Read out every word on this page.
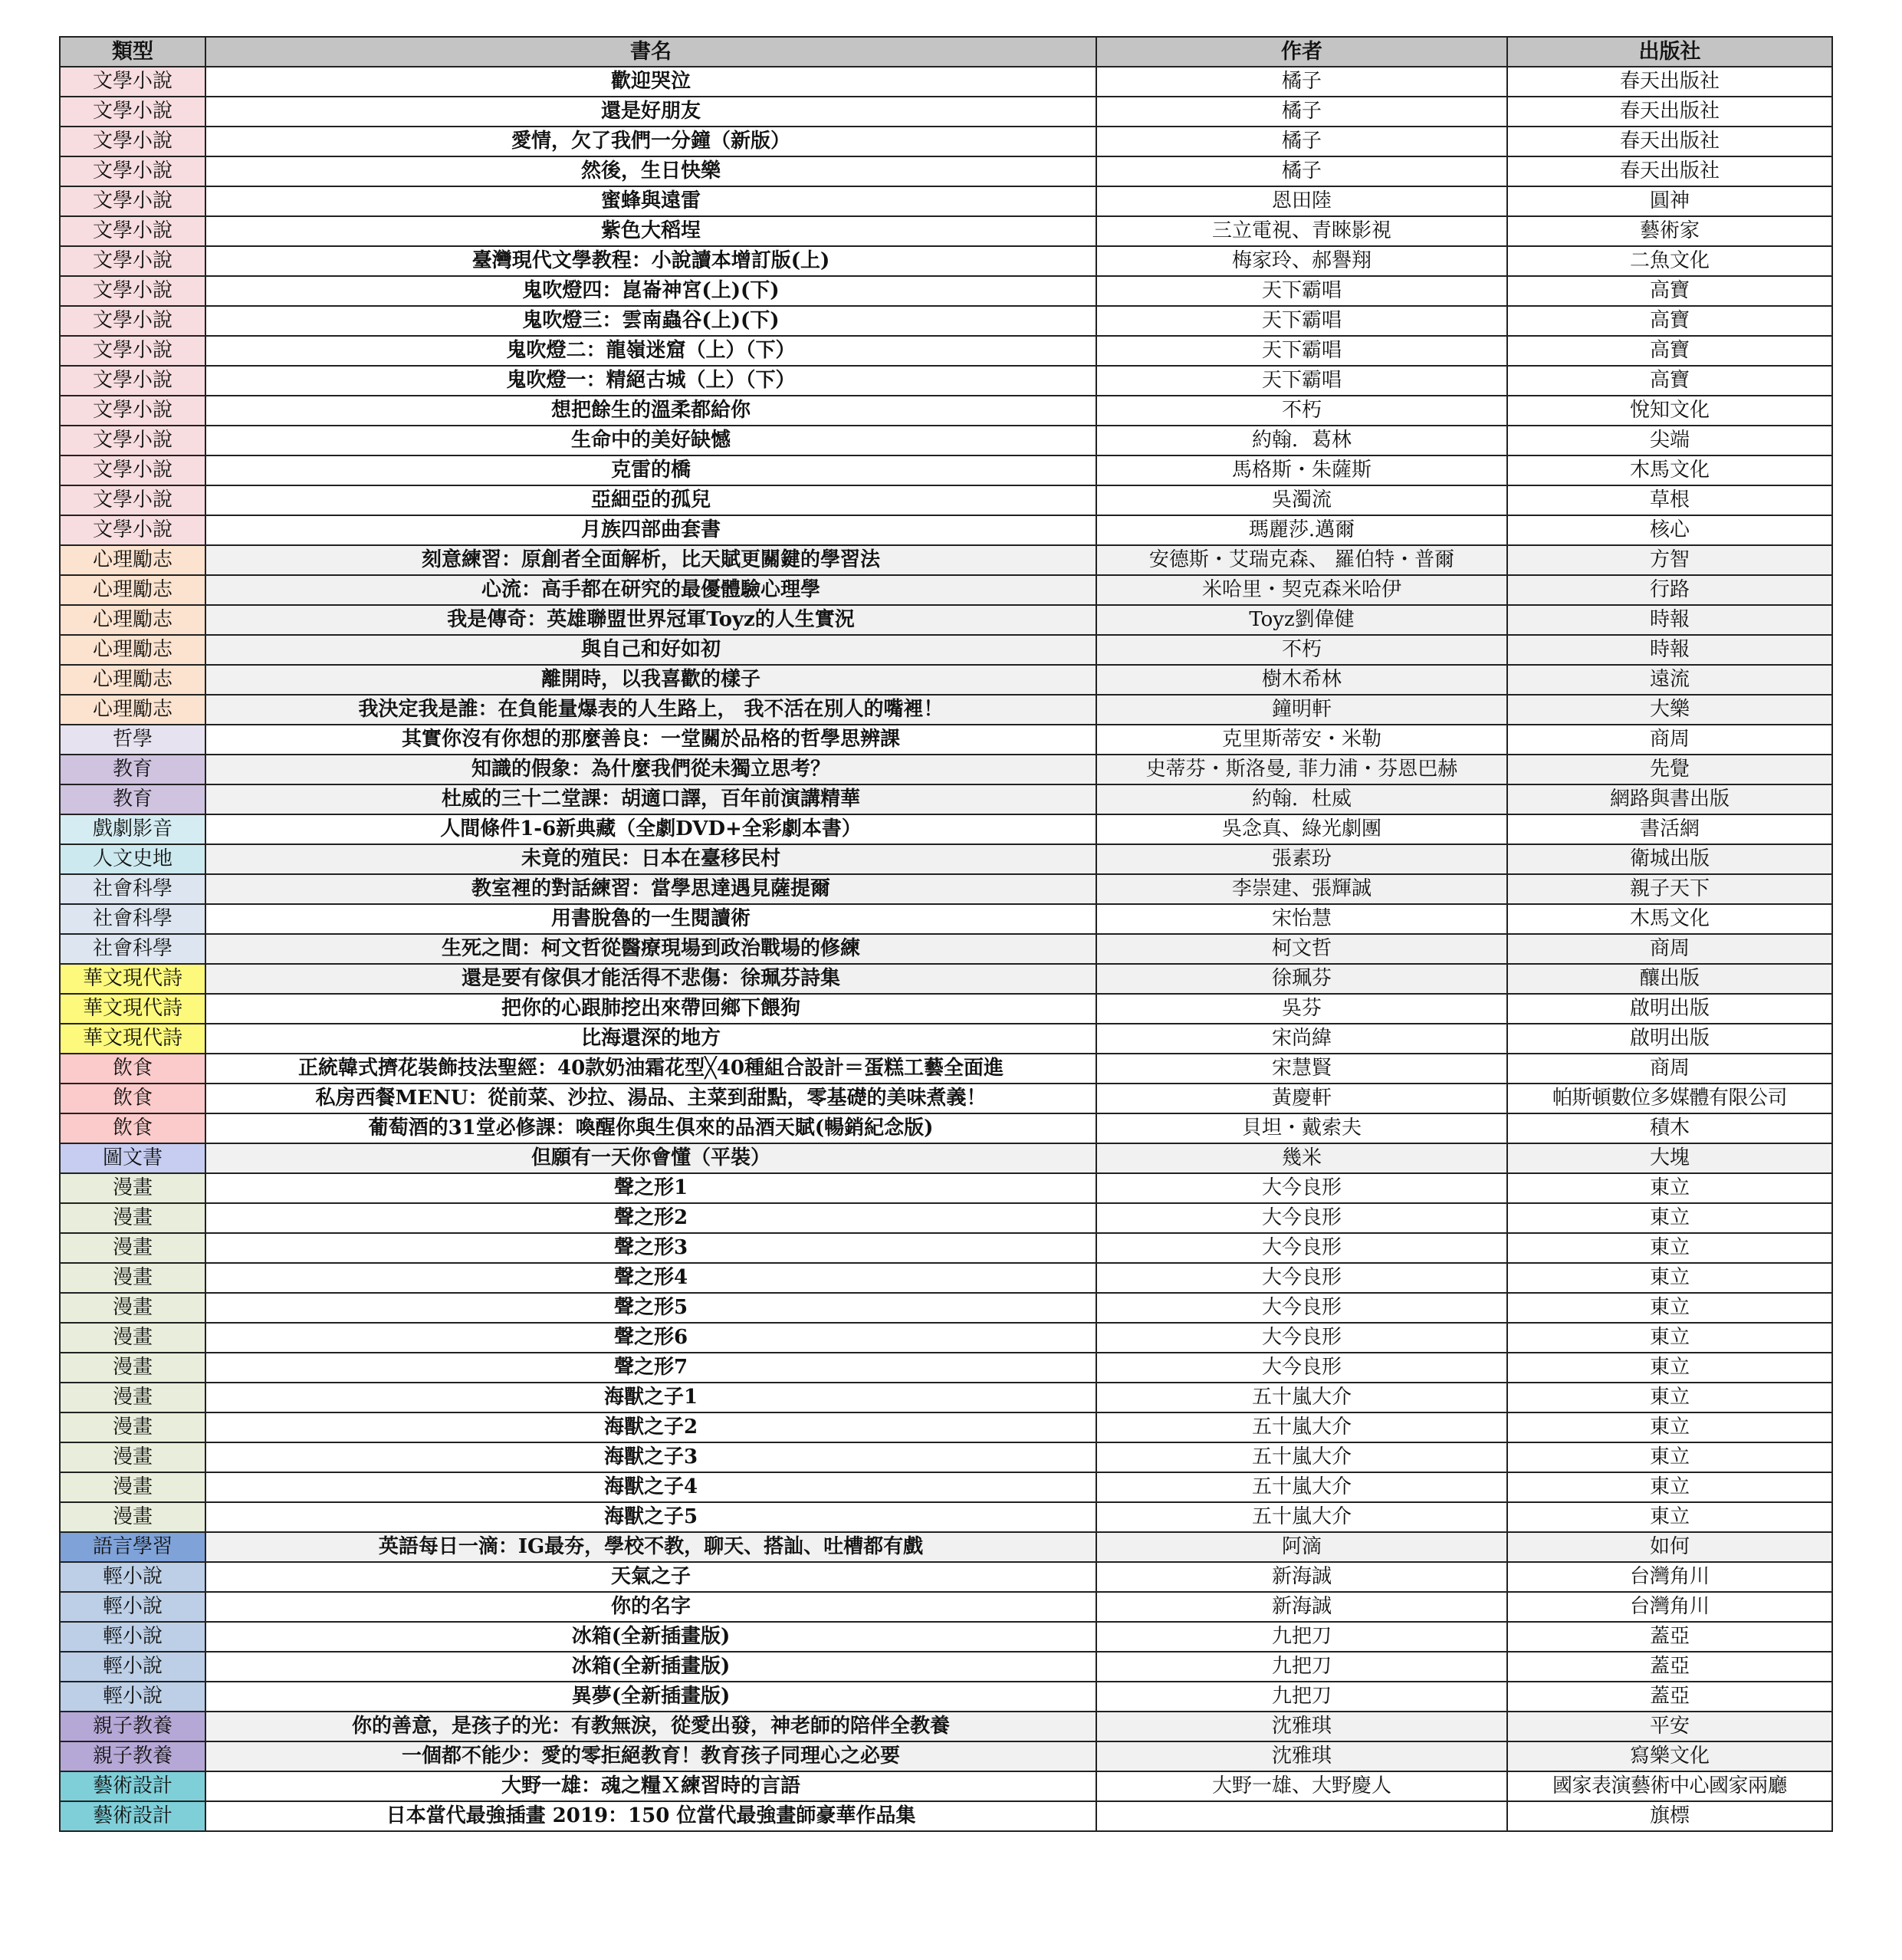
類型	書名	作者	出版社
文學小說	歡迎哭泣	橘子	春天出版社
文學小說	還是好朋友	橘子	春天出版社
文學小說	愛情，欠了我們一分鐘（新版）	橘子	春天出版社
文學小說	然後，生日快樂	橘子	春天出版社
文學小說	蜜蜂與遠雷	恩田陸	圓神
文學小說	紫色大稻埕	三立電視、青睞影視	藝術家
文學小說	臺灣現代文學教程：小說讀本增訂版(上)	梅家玲、郝譽翔	二魚文化
文學小說	鬼吹燈四：崑崙神宮(上)(下)	天下霸唱	高寶
文學小說	鬼吹燈三：雲南蟲谷(上)(下)	天下霸唱	高寶
文學小說	鬼吹燈二：龍嶺迷窟（上）（下）	天下霸唱	高寶
文學小說	鬼吹燈一：精絕古城（上）（下）	天下霸唱	高寶
文學小說	想把餘生的溫柔都給你	不朽	悅知文化
文學小說	生命中的美好缺憾	約翰．葛林	尖端
文學小說	克雷的橋	馬格斯・朱薩斯	木馬文化
文學小說	亞細亞的孤兒	吳濁流	草根
文學小說	月族四部曲套書	瑪麗莎.邁爾	核心
心理勵志	刻意練習：原創者全面解析，比天賦更關鍵的學習法	安德斯・艾瑞克森、 羅伯特・普爾	方智
心理勵志	心流：高手都在研究的最優體驗心理學	米哈里・契克森米哈伊	行路
心理勵志	我是傳奇：英雄聯盟世界冠軍Toyz的人生實況	Toyz劉偉健	時報
心理勵志	與自己和好如初	不朽	時報
心理勵志	離開時，以我喜歡的樣子	樹木希林	遠流
心理勵志	我決定我是誰：在負能量爆表的人生路上， 我不活在別人的嘴裡！	鐘明軒	大樂
哲學	其實你沒有你想的那麼善良：一堂關於品格的哲學思辨課	克里斯蒂安・米勒	商周
教育	知識的假象：為什麼我們從未獨立思考？	史蒂芬・斯洛曼, 菲力浦・芬恩巴赫	先覺
教育	杜威的三十二堂課：胡適口譯，百年前演講精華	約翰．杜威	網路與書出版
戲劇影音	人間條件1-6新典藏（全劇DVD+全彩劇本書）	吳念真、綠光劇團	書活網
人文史地	未竟的殖民：日本在臺移民村	張素玢	衛城出版
社會科學	教室裡的對話練習：當學思達遇見薩提爾	李崇建、張輝誠	親子天下
社會科學	用書脫魯的一生閱讀術	宋怡慧	木馬文化
社會科學	生死之間：柯文哲從醫療現場到政治戰場的修練	柯文哲	商周
華文現代詩	還是要有傢俱才能活得不悲傷：徐珮芬詩集	徐珮芬	釀出版
華文現代詩	把你的心跟肺挖出來帶回鄉下餵狗	吳芬	啟明出版
華文現代詩	比海還深的地方	宋尚緯	啟明出版
飲食	正統韓式擠花裝飾技法聖經：40款奶油霜花型╳40種組合設計＝蛋糕工藝全面進	宋慧賢	商周
飲食	私房西餐MENU：從前菜、沙拉、湯品、主菜到甜點，零基礎的美味煮義！	黃慶軒	帕斯頓數位多媒體有限公司
飲食	葡萄酒的31堂必修課：喚醒你與生俱來的品酒天賦(暢銷紀念版)	貝坦・戴索夫	積木
圖文書	但願有一天你會懂（平裝）	幾米	大塊
漫畫	聲之形1	大今良形	東立
漫畫	聲之形2	大今良形	東立
漫畫	聲之形3	大今良形	東立
漫畫	聲之形4	大今良形	東立
漫畫	聲之形5	大今良形	東立
漫畫	聲之形6	大今良形	東立
漫畫	聲之形7	大今良形	東立
漫畫	海獸之子1	五十嵐大介	東立
漫畫	海獸之子2	五十嵐大介	東立
漫畫	海獸之子3	五十嵐大介	東立
漫畫	海獸之子4	五十嵐大介	東立
漫畫	海獸之子5	五十嵐大介	東立
語言學習	英語每日一滴：IG最夯，學校不教，聊天、搭訕、吐槽都有戲	阿滴	如何
輕小說	天氣之子	新海誠	台灣角川
輕小說	你的名字	新海誠	台灣角川
輕小說	冰箱(全新插畫版)	九把刀	蓋亞
輕小說	冰箱(全新插畫版)	九把刀	蓋亞
輕小說	異夢(全新插畫版)	九把刀	蓋亞
親子教養	你的善意，是孩子的光：有教無淚，從愛出發，神老師的陪伴全教養	沈雅琪	平安
親子教養	一個都不能少：愛的零拒絕教育！教育孩子同理心之必要	沈雅琪	寫樂文化
藝術設計	大野一雄：魂之糧Ｘ練習時的言語	大野一雄、大野慶人	國家表演藝術中心國家兩廳
藝術設計	日本當代最強插畫 2019：150 位當代最強畫師豪華作品集		旗標
